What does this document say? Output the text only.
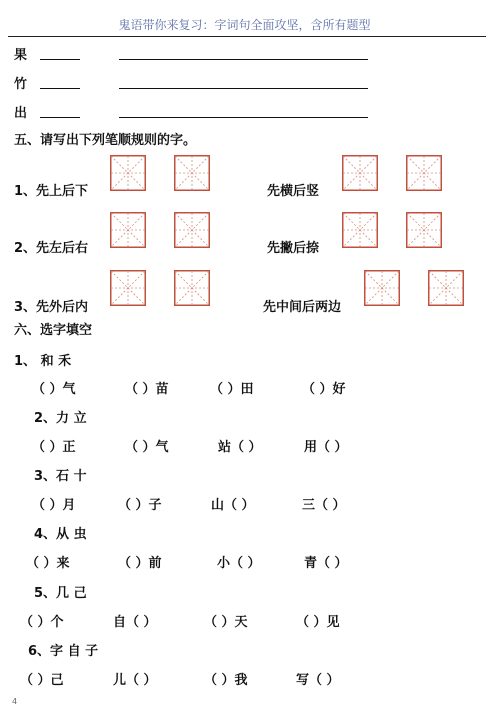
鬼语带你来复习：字词句全面攻坚，含所有题型
果
竹
出
五、请写出下列笔顺规则的字。
1、先上后下	先横后竖
2、先左后右	先撇后捺
3、先外后内	先中间后两边
六、选字填空
1、 和 禾
（ ）气	（ ）苗	（ ）田	（ ）好
2、力 立
（ ）正	（ ）气	站（ ）	用（ ）
3、石 十
（ ）月	（ ）子	山（ ）	三（ ）
4、从 虫
（ ）来	（ ）前	小（ ）	青（ ）
5、几 己
（ ）个	自（ ）	（ ）天	（ ）见
6、字 自 子
（ ）己	儿（ ）	（ ）我	写（ ）
4
